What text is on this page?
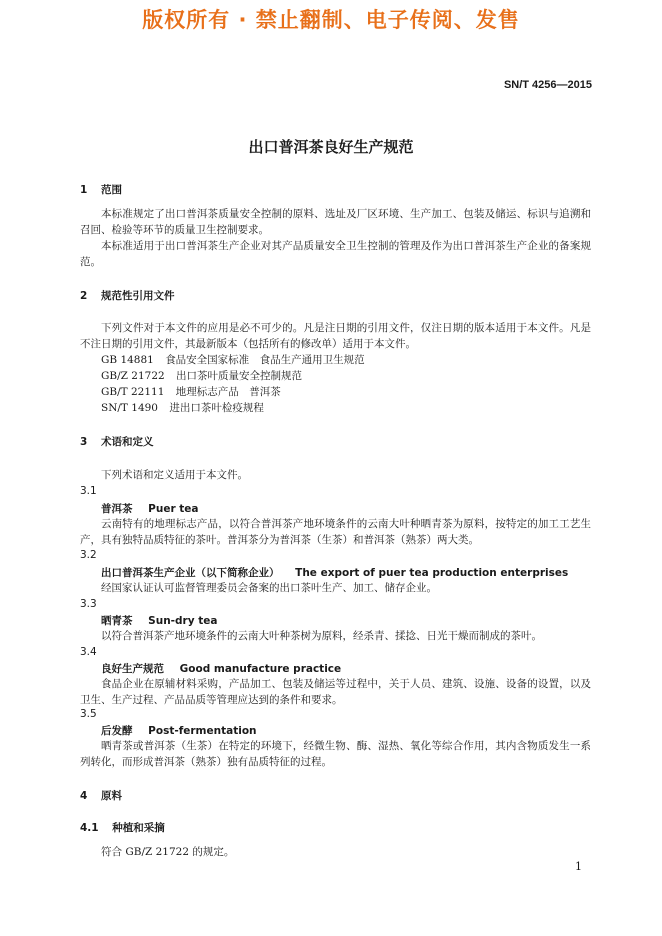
版权所有 · 禁止翻制、电子传阅、发售
SN/T 4256—2015
出口普洱茶良好生产规范
1 范围
本标准规定了出口普洱茶质量安全控制的原料、选址及厂区环境、生产加工、包装及储运、标识与追溯和召回、检验等环节的质量卫生控制要求。
本标准适用于出口普洱茶生产企业对其产品质量安全卫生控制的管理及作为出口普洱茶生产企业的备案规范。
2 规范性引用文件
下列文件对于本文件的应用是必不可少的。凡是注日期的引用文件，仅注日期的版本适用于本文件。凡是不注日期的引用文件，其最新版本（包括所有的修改单）适用于本文件。
GB 14881 食品安全国家标准　食品生产通用卫生规范
GB/Z 21722 出口茶叶质量安全控制规范
GB/T 22111 地理标志产品　普洱茶
SN/T 1490 进出口茶叶检疫规程
3 术语和定义
下列术语和定义适用于本文件。
3.1
普洱茶 Puer tea
云南特有的地理标志产品，以符合普洱茶产地环境条件的云南大叶种晒青茶为原料，按特定的加工工艺生产，具有独特品质特征的茶叶。普洱茶分为普洱茶（生茶）和普洱茶（熟茶）两大类。
3.2
出口普洱茶生产企业（以下简称企业） The export of puer tea production enterprises
经国家认证认可监督管理委员会备案的出口茶叶生产、加工、储存企业。
3.3
晒青茶 Sun-dry tea
以符合普洱茶产地环境条件的云南大叶种茶树为原料，经杀青、揉捻、日光干燥而制成的茶叶。
3.4
良好生产规范 Good manufacture practice
食品企业在原辅材料采购，产品加工、包装及储运等过程中，关于人员、建筑、设施、设备的设置，以及卫生、生产过程、产品品质等管理应达到的条件和要求。
3.5
后发酵 Post-fermentation
晒青茶或普洱茶（生茶）在特定的环境下，经微生物、酶、湿热、氧化等综合作用，其内含物质发生一系列转化，而形成普洱茶（熟茶）独有品质特征的过程。
4 原料
4.1 种植和采摘
符合 GB/Z 21722 的规定。
1
